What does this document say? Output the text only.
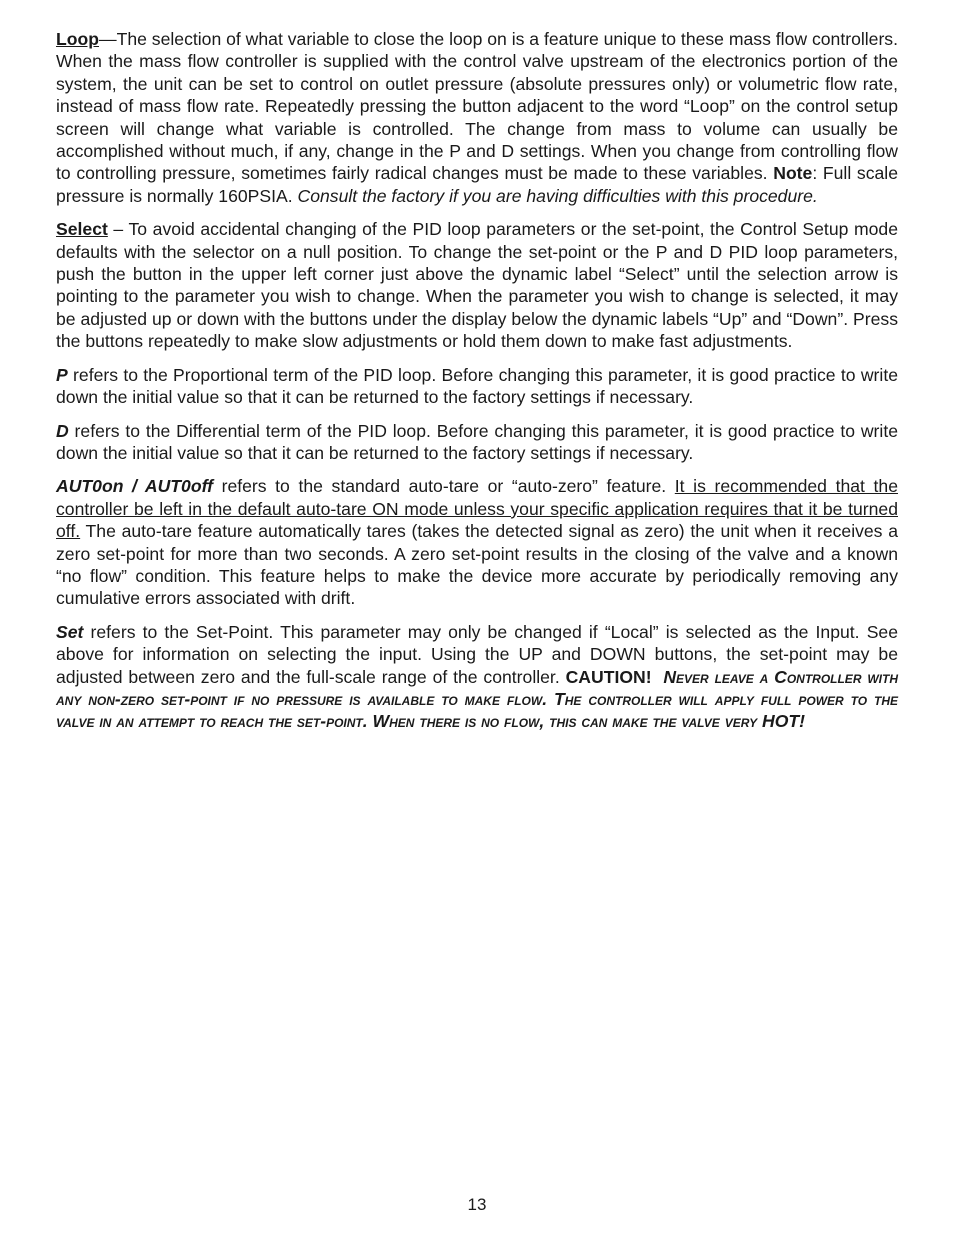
Loop—The selection of what variable to close the loop on is a feature unique to these mass flow controllers. When the mass flow controller is supplied with the control valve upstream of the electronics portion of the system, the unit can be set to control on outlet pressure (absolute pressures only) or volumetric flow rate, instead of mass flow rate. Repeatedly pressing the button adjacent to the word “Loop” on the control setup screen will change what variable is controlled. The change from mass to volume can usually be accomplished without much, if any, change in the P and D settings. When you change from controlling flow to controlling pressure, sometimes fairly radical changes must be made to these variables. Note: Full scale pressure is normally 160PSIA. Consult the factory if you are having difficulties with this procedure.

Select – To avoid accidental changing of the PID loop parameters or the set-point, the Control Setup mode defaults with the selector on a null position. To change the set-point or the P and D PID loop parameters, push the button in the upper left corner just above the dynamic label “Select” until the selection arrow is pointing to the parameter you wish to change. When the parameter you wish to change is selected, it may be adjusted up or down with the buttons under the display below the dynamic labels “Up” and “Down”. Press the buttons repeatedly to make slow adjustments or hold them down to make fast adjustments.

P refers to the Proportional term of the PID loop. Before changing this parameter, it is good practice to write down the initial value so that it can be returned to the factory settings if necessary.

D refers to the Differential term of the PID loop. Before changing this parameter, it is good practice to write down the initial value so that it can be returned to the factory settings if necessary.

AUT0on / AUT0off refers to the standard auto-tare or “auto-zero” feature. It is recommended that the controller be left in the default auto-tare ON mode unless your specific application requires that it be turned off. The auto-tare feature automatically tares (takes the detected signal as zero) the unit when it receives a zero set-point for more than two seconds. A zero set-point results in the closing of the valve and a known “no flow” condition. This feature helps to make the device more accurate by periodically removing any cumulative errors associated with drift.

Set refers to the Set-Point. This parameter may only be changed if “Local” is selected as the Input. See above for information on selecting the input. Using the UP and DOWN buttons, the set-point may be adjusted between zero and the full-scale range of the controller. CAUTION! Never leave a Controller with any non-zero set-point if no pressure is available to make flow. The controller will apply full power to the valve in an attempt to reach the set-point. When there is no flow, this can make the valve very HOT!

13
